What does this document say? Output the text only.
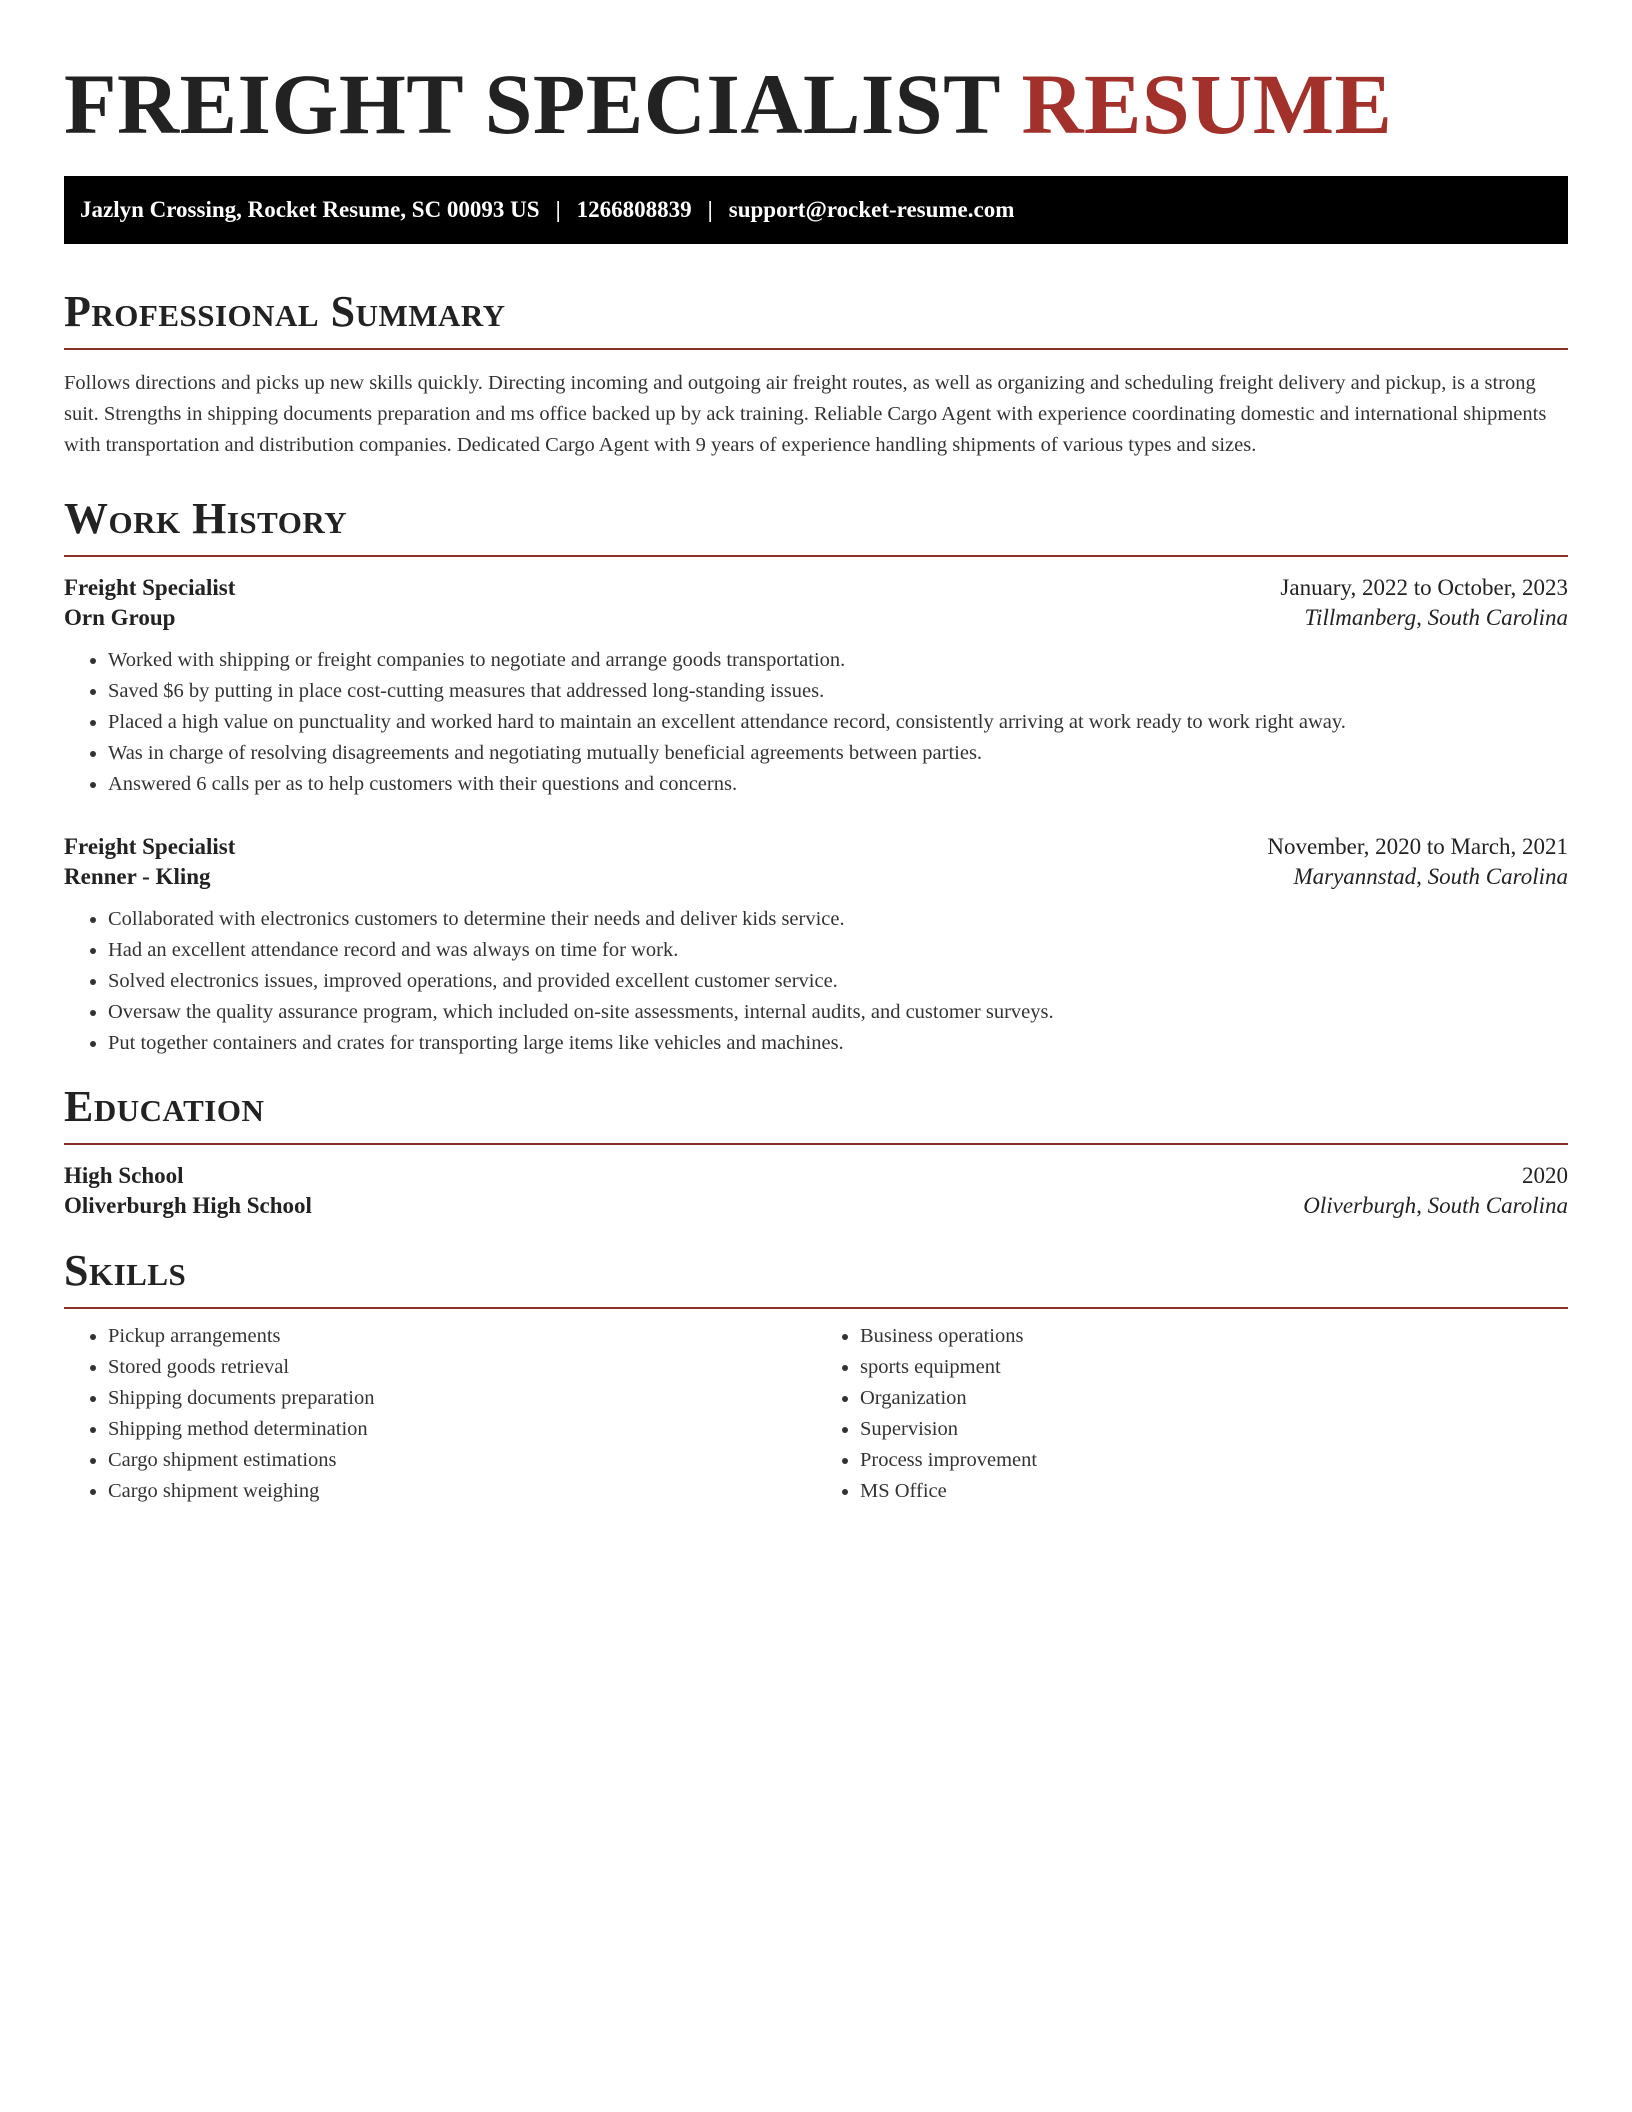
FREIGHT SPECIALIST RESUME
Jazlyn Crossing, Rocket Resume, SC 00093 US | 1266808839 | support@rocket-resume.com
Professional Summary

Follows directions and picks up new skills quickly. Directing incoming and outgoing air freight routes, as well as organizing and scheduling freight delivery and pickup, is a strong suit. Strengths in shipping documents preparation and ms office backed up by ack training. Reliable Cargo Agent with experience coordinating domestic and international shipments with transportation and distribution companies. Dedicated Cargo Agent with 9 years of experience handling shipments of various types and sizes.

Work History
Freight Specialist	January, 2022 to October, 2023
Orn Group	Tillmanberg, South Carolina
• Worked with shipping or freight companies to negotiate and arrange goods transportation.
• Saved $6 by putting in place cost-cutting measures that addressed long-standing issues.
• Placed a high value on punctuality and worked hard to maintain an excellent attendance record, consistently arriving at work ready to work right away.
• Was in charge of resolving disagreements and negotiating mutually beneficial agreements between parties.
• Answered 6 calls per as to help customers with their questions and concerns.
Freight Specialist	November, 2020 to March, 2021
Renner - Kling	Maryannstad, South Carolina
• Collaborated with electronics customers to determine their needs and deliver kids service.
• Had an excellent attendance record and was always on time for work.
• Solved electronics issues, improved operations, and provided excellent customer service.
• Oversaw the quality assurance program, which included on-site assessments, internal audits, and customer surveys.
• Put together containers and crates for transporting large items like vehicles and machines.
Education
High School	2020
Oliverburgh High School	Oliverburgh, South Carolina
Skills
• Pickup arrangements
• Stored goods retrieval
• Shipping documents preparation
• Shipping method determination
• Cargo shipment estimations
• Cargo shipment weighing
• Business operations
• sports equipment
• Organization
• Supervision
• Process improvement
• MS Office
